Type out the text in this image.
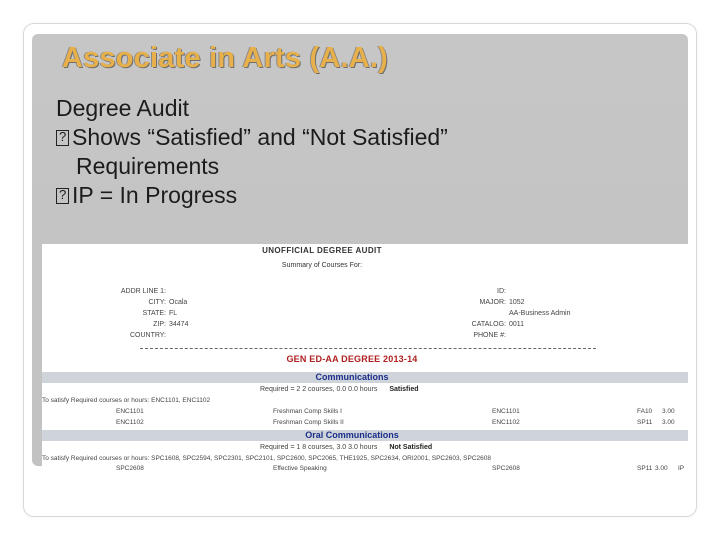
Associate in Arts (A.A.)
Degree Audit
?Shows “Satisfied” and “Not Satisfied”
Requirements
?IP = In Progress
UNOFFICIAL DEGREE AUDIT
Summary of Courses For:
ADDR LINE 1:
CITY: Ocala
STATE: FL
ZIP: 34474
COUNTRY:
ID:
MAJOR: 1052
AA-Business Admin
CATALOG: 0011
PHONE #:
GEN ED-AA DEGREE 2013-14
Communications
Required = 2 2 courses, 0.0 0.0 hours Satisfied
To satisfy Required courses or hours: ENC1101, ENC1102
ENC1101	Freshman Comp Skills I	ENC1101	FA10 3.00
ENC1102	Freshman Comp Skills II	ENC1102	SP11 3.00
Oral Communications
Required = 1 8 courses, 3.0 3.0 hours Not Satisfied
To satisfy Required courses or hours: SPC1608, SPC2594, SPC2301, SPC2101, SPC2600, SPC2065, THE1925, SPC2634, ORI2001, SPC2603, SPC2608
SPC2608	Effective Speaking	SPC2608	SP11 3.00 IP
